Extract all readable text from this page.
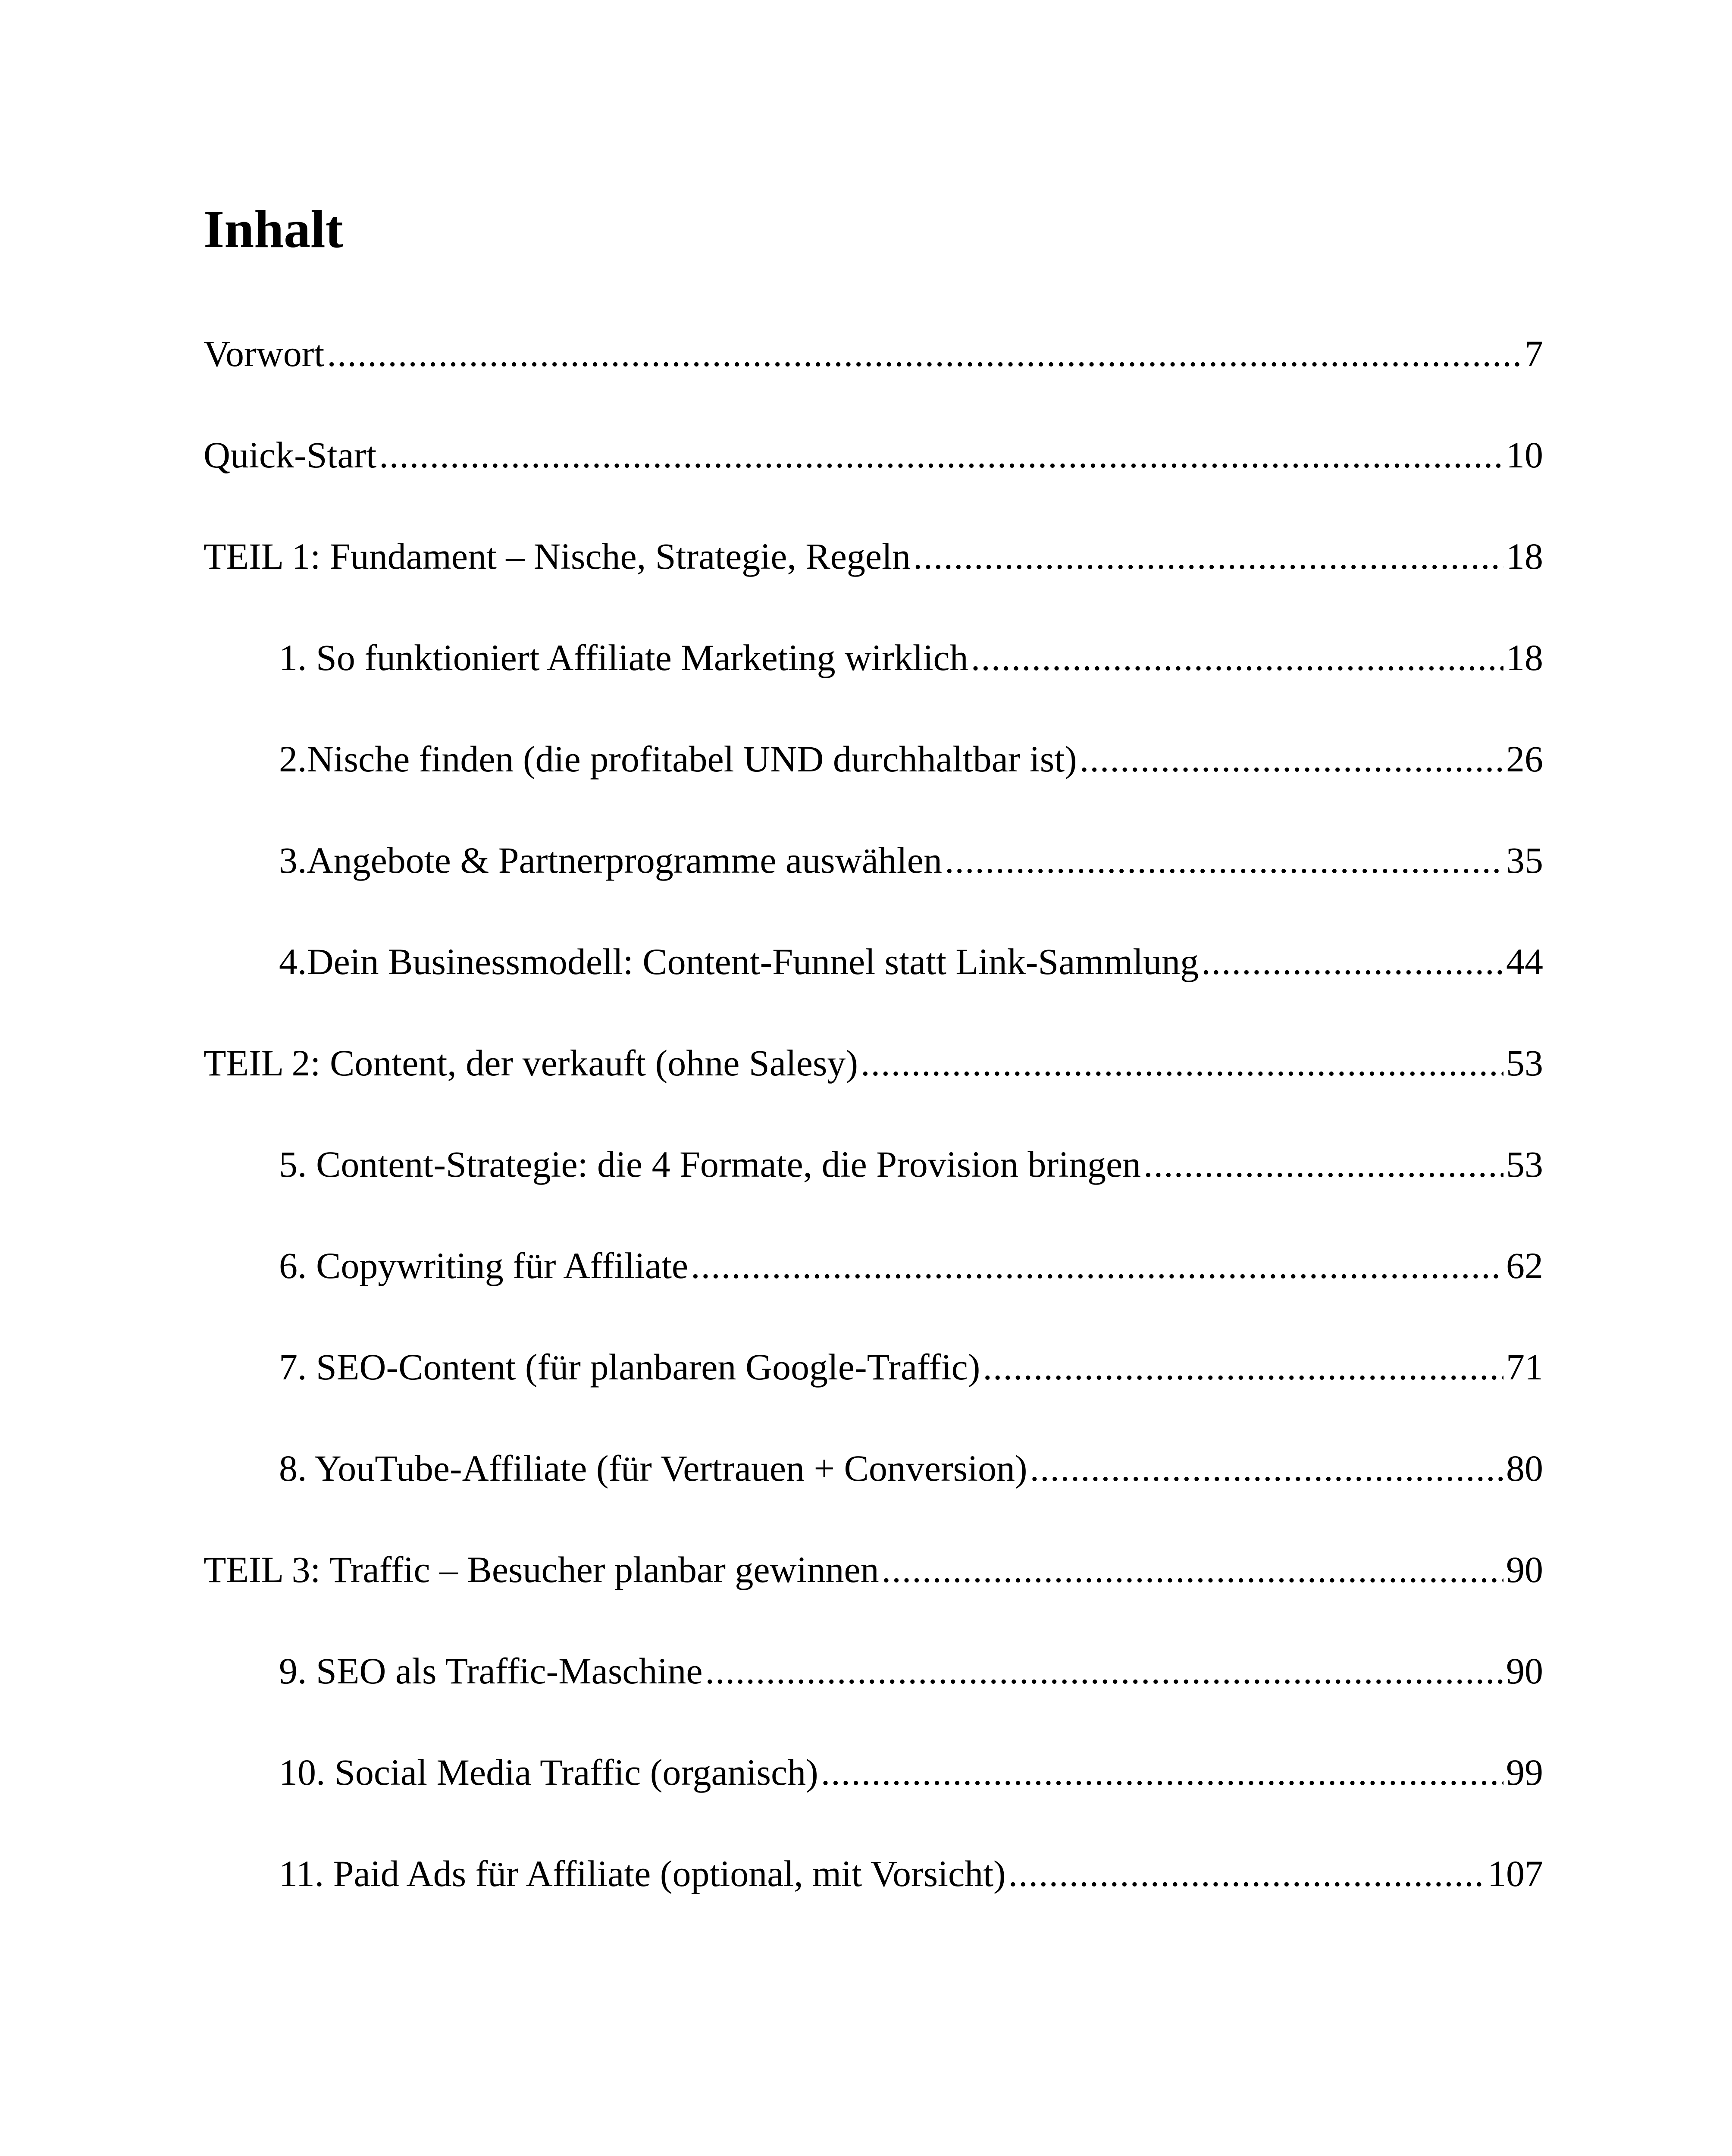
Inhalt
Vorwort .....	7
Quick-Start .....	10
TEIL 1: Fundament – Nische, Strategie, Regeln .....	18
1. So funktioniert Affiliate Marketing wirklich .....	18
2.Nische finden (die profitabel UND durchhaltbar ist) .....	26
3.Angebote & Partnerprogramme auswählen .....	35
4.Dein Businessmodell: Content-Funnel statt Link-Sammlung .....	44
TEIL 2: Content, der verkauft (ohne Salesy) .....	53
5. Content-Strategie: die 4 Formate, die Provision bringen .....	53
6. Copywriting für Affiliate .....	62
7. SEO-Content (für planbaren Google-Traffic) .....	71
8. YouTube-Affiliate (für Vertrauen + Conversion) .....	80
TEIL 3: Traffic – Besucher planbar gewinnen .....	90
9. SEO als Traffic-Maschine .....	90
10. Social Media Traffic (organisch) .....	99
11. Paid Ads für Affiliate (optional, mit Vorsicht) .....	107
